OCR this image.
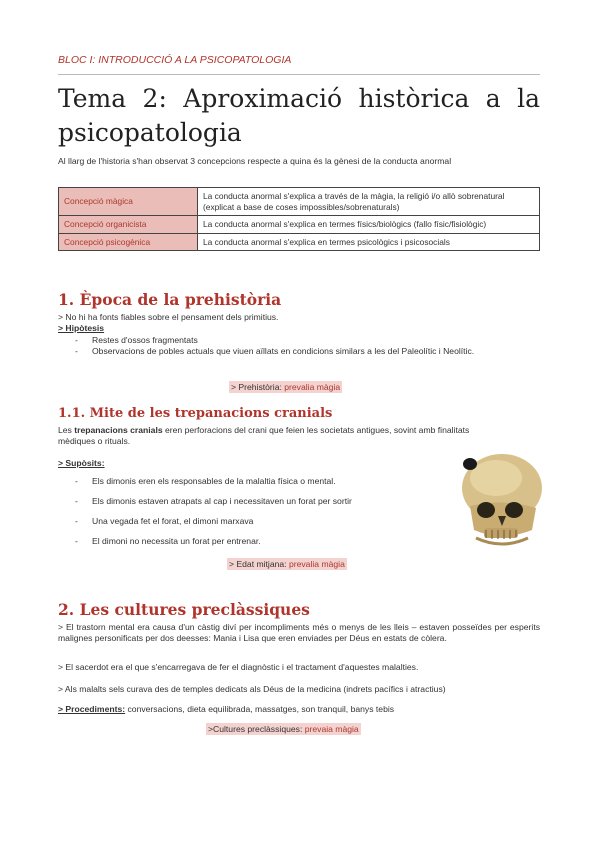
BLOC I: INTRODUCCIÓ A LA PSICOPATOLOGIA
Tema 2: Aproximació històrica a la psicopatologia
Al llarg de l'historia s'han observat 3 concepcions respecte a quina és la gènesi de la conducta anormal
Concepció màgica	La conducta anormal s'explica a través de la màgia, la religió i/o allò sobrenatural (explicat a base de coses impossibles/sobrenaturals)
Concepció organicista	La conducta anormal s'explica en termes físics/biològics (fallo físic/fisiològic)
Concepció psicogènica	La conducta anormal s'explica en termes psicològics i psicosocials
1. Època de la prehistòria
> No hi ha fonts fiables sobre el pensament dels primitius.
> Hipòtesis
- Restes d'ossos fragmentats
- Observacions de pobles actuals que viuen aïllats en condicions similars a les del Paleolític i Neolític.
> Prehistòria: prevalia màgia
1.1. Mite de les trepanacions cranials
Les trepanacions cranials eren perforacions del crani que feien les societats antigues, sovint amb finalitats mèdiques o rituals.
> Supòsits:
- Els dimonis eren els responsables de la malaltia física o mental.
- Els dimonis estaven atrapats al cap i necessitaven un forat per sortir
- Una vegada fet el forat, el dimoni marxava
- El dimoni no necessita un forat per entrenar.
> Edat mitjana: prevalia màgia
2. Les cultures preclàssiques
> El trastorn mental era causa d'un càstig diví per incompliments més o menys de les lleis – estaven posseïdes per esperits malignes personificats per dos deesses: Mania i Lisa que eren enviades per Déus en estats de còlera.
> El sacerdot era el que s'encarregava de fer el diagnòstic i el tractament d'aquestes malalties.
> Als malalts sels curava des de temples dedicats als Déus de la medicina (indrets pacífics i atractius)
> Procediments: conversacions, dieta equilibrada, massatges, son tranquil, banys tebis
>Cultures preclàssiques: prevaia màgia
